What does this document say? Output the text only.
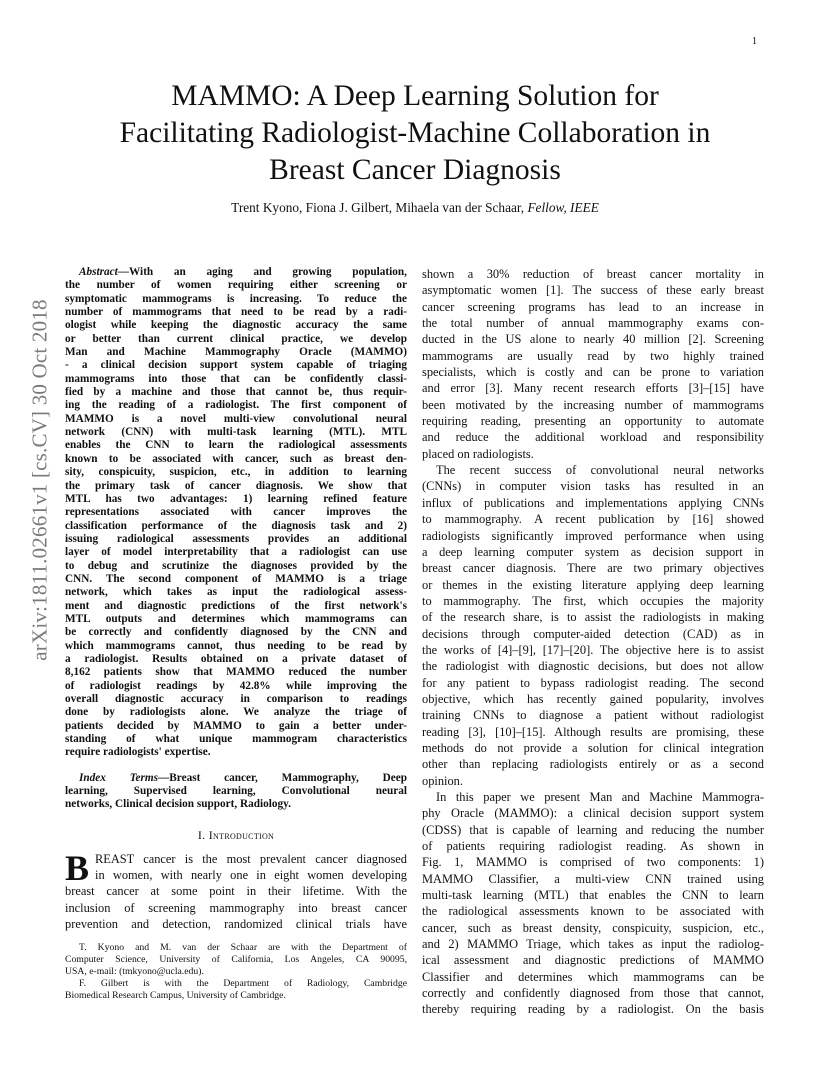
1
MAMMO: A Deep Learning Solution for
Facilitating Radiologist-Machine Collaboration in
Breast Cancer Diagnosis
Trent Kyono, Fiona J. Gilbert, Mihaela van der Schaar, Fellow, IEEE
arXiv:1811.02661v1 [cs.CV] 30 Oct 2018
Abstract—With an aging and growing population,
the number of women requiring either screening or
symptomatic mammograms is increasing. To reduce the
number of mammograms that need to be read by a radi-
ologist while keeping the diagnostic accuracy the same
or better than current clinical practice, we develop
Man and Machine Mammography Oracle (MAMMO)
- a clinical decision support system capable of triaging
mammograms into those that can be confidently classi-
fied by a machine and those that cannot be, thus requir-
ing the reading of a radiologist. The first component of
MAMMO is a novel multi-view convolutional neural
network (CNN) with multi-task learning (MTL). MTL
enables the CNN to learn the radiological assessments
known to be associated with cancer, such as breast den-
sity, conspicuity, suspicion, etc., in addition to learning
the primary task of cancer diagnosis. We show that
MTL has two advantages: 1) learning refined feature
representations associated with cancer improves the
classification performance of the diagnosis task and 2)
issuing radiological assessments provides an additional
layer of model interpretability that a radiologist can use
to debug and scrutinize the diagnoses provided by the
CNN. The second component of MAMMO is a triage
network, which takes as input the radiological assess-
ment and diagnostic predictions of the first network's
MTL outputs and determines which mammograms can
be correctly and confidently diagnosed by the CNN and
which mammograms cannot, thus needing to be read by
a radiologist. Results obtained on a private dataset of
8,162 patients show that MAMMO reduced the number
of radiologist readings by 42.8% while improving the
overall diagnostic accuracy in comparison to readings
done by radiologists alone. We analyze the triage of
patients decided by MAMMO to gain a better under-
standing of what unique mammogram characteristics
require radiologists' expertise.
Index Terms—Breast cancer, Mammography, Deep
learning, Supervised learning, Convolutional neural
networks, Clinical decision support, Radiology.
I. Introduction
B REAST cancer is the most prevalent cancer diagnosed
in women, with nearly one in eight women developing
breast cancer at some point in their lifetime. With the
inclusion of screening mammography into breast cancer
prevention and detection, randomized clinical trials have
T. Kyono and M. van der Schaar are with the Department of
Computer Science, University of California, Los Angeles, CA 90095,
USA, e-mail: (tmkyono@ucla.edu).
F. Gilbert is with the Department of Radiology, Cambridge
Biomedical Research Campus, University of Cambridge.
shown a 30% reduction of breast cancer mortality in
asymptomatic women [1]. The success of these early breast
cancer screening programs has lead to an increase in
the total number of annual mammography exams con-
ducted in the US alone to nearly 40 million [2]. Screening
mammograms are usually read by two highly trained
specialists, which is costly and can be prone to variation
and error [3]. Many recent research efforts [3]–[15] have
been motivated by the increasing number of mammograms
requiring reading, presenting an opportunity to automate
and reduce the additional workload and responsibility
placed on radiologists.
The recent success of convolutional neural networks
(CNNs) in computer vision tasks has resulted in an
influx of publications and implementations applying CNNs
to mammography. A recent publication by [16] showed
radiologists significantly improved performance when using
a deep learning computer system as decision support in
breast cancer diagnosis. There are two primary objectives
or themes in the existing literature applying deep learning
to mammography. The first, which occupies the majority
of the research share, is to assist the radiologists in making
decisions through computer-aided detection (CAD) as in
the works of [4]–[9], [17]–[20]. The objective here is to assist
the radiologist with diagnostic decisions, but does not allow
for any patient to bypass radiologist reading. The second
objective, which has recently gained popularity, involves
training CNNs to diagnose a patient without radiologist
reading [3], [10]–[15]. Although results are promising, these
methods do not provide a solution for clinical integration
other than replacing radiologists entirely or as a second
opinion.
In this paper we present Man and Machine Mammogra-
phy Oracle (MAMMO): a clinical decision support system
(CDSS) that is capable of learning and reducing the number
of patients requiring radiologist reading. As shown in
Fig. 1, MAMMO is comprised of two components: 1)
MAMMO Classifier, a multi-view CNN trained using
multi-task learning (MTL) that enables the CNN to learn
the radiological assessments known to be associated with
cancer, such as breast density, conspicuity, suspicion, etc.,
and 2) MAMMO Triage, which takes as input the radiolog-
ical assessment and diagnostic predictions of MAMMO
Classifier and determines which mammograms can be
correctly and confidently diagnosed from those that cannot,
thereby requiring reading by a radiologist. On the basis
